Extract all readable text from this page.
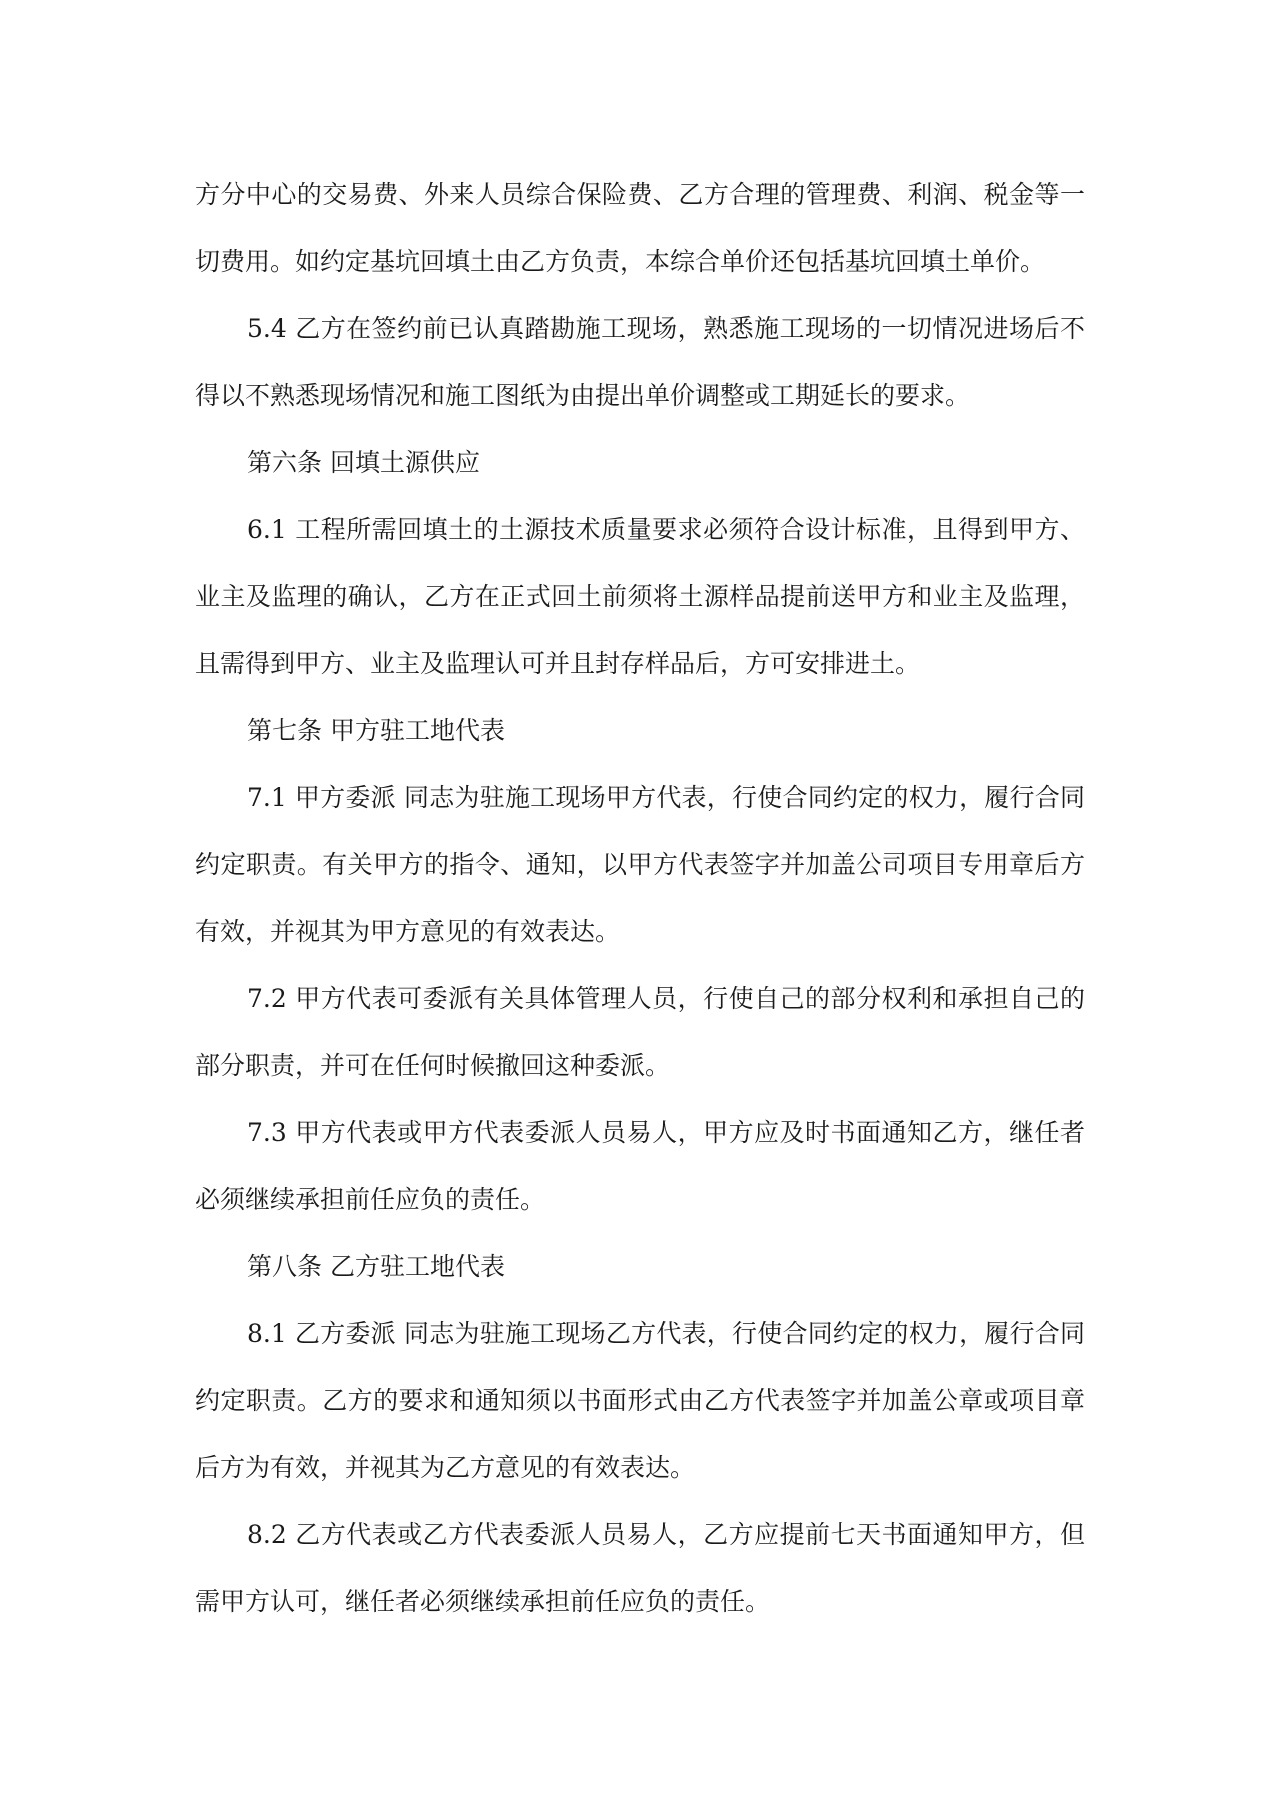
方分中心的交易费、外来人员综合保险费、乙方合理的管理费、利润、税金等一切费用。如约定基坑回填土由乙方负责，本综合单价还包括基坑回填土单价。

5.4 乙方在签约前已认真踏勘施工现场，熟悉施工现场的一切情况进场后不得以不熟悉现场情况和施工图纸为由提出单价调整或工期延长的要求。

第六条 回填土源供应

6.1 工程所需回填土的土源技术质量要求必须符合设计标准，且得到甲方、业主及监理的确认，乙方在正式回土前须将土源样品提前送甲方和业主及监理，且需得到甲方、业主及监理认可并且封存样品后，方可安排进土。

第七条 甲方驻工地代表

7.1 甲方委派 同志为驻施工现场甲方代表，行使合同约定的权力，履行合同约定职责。有关甲方的指令、通知，以甲方代表签字并加盖公司项目专用章后方有效，并视其为甲方意见的有效表达。

7.2 甲方代表可委派有关具体管理人员，行使自己的部分权利和承担自己的部分职责，并可在任何时候撤回这种委派。

7.3 甲方代表或甲方代表委派人员易人，甲方应及时书面通知乙方，继任者必须继续承担前任应负的责任。

第八条 乙方驻工地代表

8.1 乙方委派 同志为驻施工现场乙方代表，行使合同约定的权力，履行合同约定职责。乙方的要求和通知须以书面形式由乙方代表签字并加盖公章或项目章后方为有效，并视其为乙方意见的有效表达。

8.2 乙方代表或乙方代表委派人员易人，乙方应提前七天书面通知甲方，但需甲方认可，继任者必须继续承担前任应负的责任。
